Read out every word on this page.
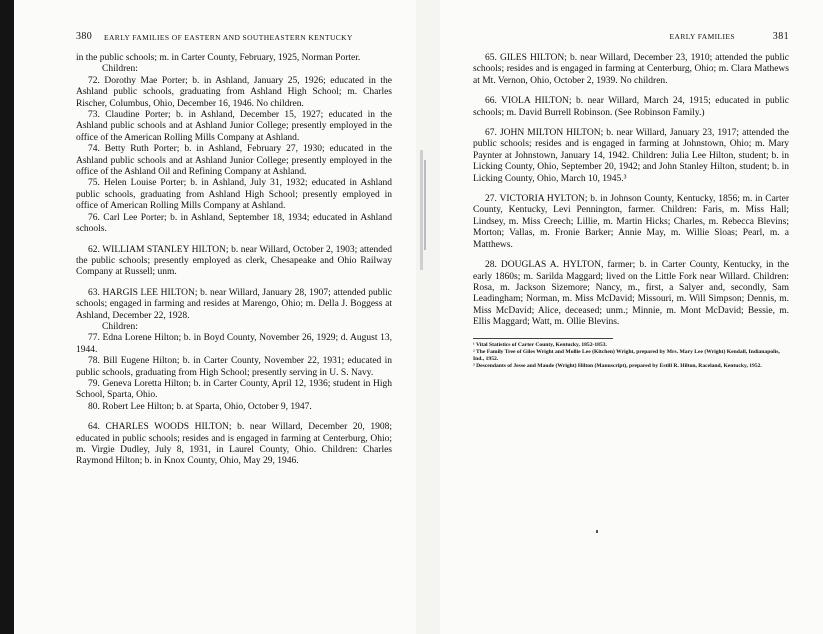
380 EARLY FAMILIES OF EASTERN AND SOUTHEASTERN KENTUCKY

in the public schools; m. in Carter County, February, 1925, Norman Porter.

Children:

72. Dorothy Mae Porter; b. in Ashland, January 25, 1926; educated in the Ashland public schools, graduating from Ashland High School; m. Charles Rischer, Columbus, Ohio, December 16, 1946. No children.

73. Claudine Porter; b. in Ashland, December 15, 1927; educated in the Ashland public schools and at Ashland Junior College; presently employed in the office of the American Rolling Mills Company at Ashland.

74. Betty Ruth Porter; b. in Ashland, February 27, 1930; educated in the Ashland public schools and at Ashland Junior College; presently employed in the office of the Ashland Oil and Refining Company at Ashland.

75. Helen Louise Porter; b. in Ashland, July 31, 1932; educated in Ashland public schools, graduating from Ashland High School; presently employed in office of American Rolling Mills Company at Ashland.

76. Carl Lee Porter; b. in Ashland, September 18, 1934; educated in Ashland schools.

62. WILLIAM STANLEY HILTON; b. near Willard, October 2, 1903; attended the public schools; presently employed as clerk, Chesapeake and Ohio Railway Company at Russell; unm.

63. HARGIS LEE HILTON; b. near Willard, January 28, 1907; attended public schools; engaged in farming and resides at Marengo, Ohio; m. Della J. Boggess at Ashland, December 22, 1928.

Children:

77. Edna Lorene Hilton; b. in Boyd County, November 26, 1929; d. August 13, 1944.

78. Bill Eugene Hilton; b. in Carter County, November 22, 1931; educated in public schools, graduating from High School; presently serving in U. S. Navy.

79. Geneva Loretta Hilton; b. in Carter County, April 12, 1936; student in High School, Sparta, Ohio.

80. Robert Lee Hilton; b. at Sparta, Ohio, October 9, 1947.

64. CHARLES WOODS HILTON; b. near Willard, December 20, 1908; educated in public schools; resides and is engaged in farming at Centerburg, Ohio; m. Virgie Dudley, July 8, 1931, in Laurel County, Ohio. Children: Charles Raymond Hilton; b. in Knox County, Ohio, May 29, 1946.

EARLY FAMILIES	381

65. GILES HILTON; b. near Willard, December 23, 1910; attended the public schools; resides and is engaged in farming at Centerburg, Ohio; m. Clara Mathews at Mt. Vernon, Ohio, October 2, 1939. No children.

66. VIOLA HILTON; b. near Willard, March 24, 1915; educated in public schools; m. David Burrell Robinson. (See Robinson Family.)

67. JOHN MILTON HILTON; b. near Willard, January 23, 1917; attended the public schools; resides and is engaged in farming at Johnstown, Ohio; m. Mary Paynter at Johnstown, January 14, 1942. Children: Julia Lee Hilton, student; b. in Licking County, Ohio, September 20, 1942; and John Stanley Hilton, student; b. in Licking County, Ohio, March 10, 1945.³

27. VICTORIA HYLTON; b. in Johnson County, Kentucky, 1856; m. in Carter County, Kentucky, Levi Pennington, farmer. Children: Faris, m. Miss Hall; Lindsey, m. Miss Creech; Lillie, m. Martin Hicks; Charles, m. Rebecca Blevins; Morton; Vallas, m. Fronie Barker; Annie May, m. Willie Sloas; Pearl, m. a Matthews.

28. DOUGLAS A. HYLTON, farmer; b. in Carter County, Kentucky, in the early 1860s; m. Sarilda Maggard; lived on the Little Fork near Willard. Children: Rosa, m. Jackson Sizemore; Nancy, m., first, a Salyer and, secondly, Sam Leadingham; Norman, m. Miss McDavid; Missouri, m. Will Simpson; Dennis, m. Miss McDavid; Alice, deceased; unm.; Minnie, m. Mont McDavid; Bessie, m. Ellis Maggard; Watt, m. Ollie Blevins.

¹ Vital Statistics of Carter County, Kentucky, 1852-1853.

² The Family Tree of Giles Wright and Mollie Lee (Kitchen) Wright, prepared by Mrs. Mary Lee (Wright) Kendall, Indianapolis, Ind., 1952.

³ Descendants of Jesse and Maude (Wright) Hilton (Manuscript), prepared by Estill R. Hilton, Raceland, Kentucky, 1952.
